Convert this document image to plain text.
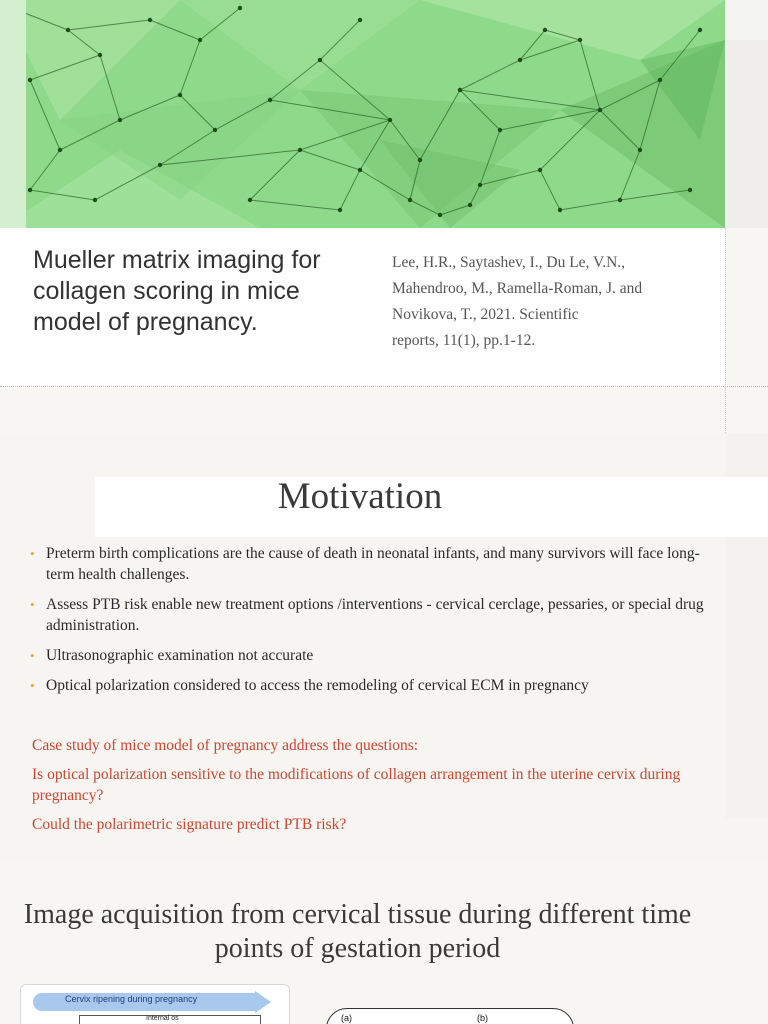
Mueller matrix imaging for collagen scoring in mice model of pregnancy.
Lee, H.R., Saytashev, I., Du Le, V.N.,
Mahendroo, M., Ramella-Roman, J. and
Novikova, T., 2021. Scientific
reports, 11(1), pp.1-12.
Motivation
• Preterm birth complications are the cause of death in neonatal infants, and many survivors will face long-term health challenges.
• Assess PTB risk enable new treatment options /interventions - cervical cerclage, pessaries, or special drug administration.
• Ultrasonographic examination not accurate
• Optical polarization considered to access the remodeling of cervical ECM in pregnancy
Case study of mice model of pregnancy address the questions:
Is optical polarization sensitive to the modifications of collagen arrangement in the uterine cervix during pregnancy?
Could the polarimetric signature predict PTB risk?
Image acquisition from cervical tissue during different time points of gestation period
Cervix ripening during pregnancy
Internal os	(a)	(b)
